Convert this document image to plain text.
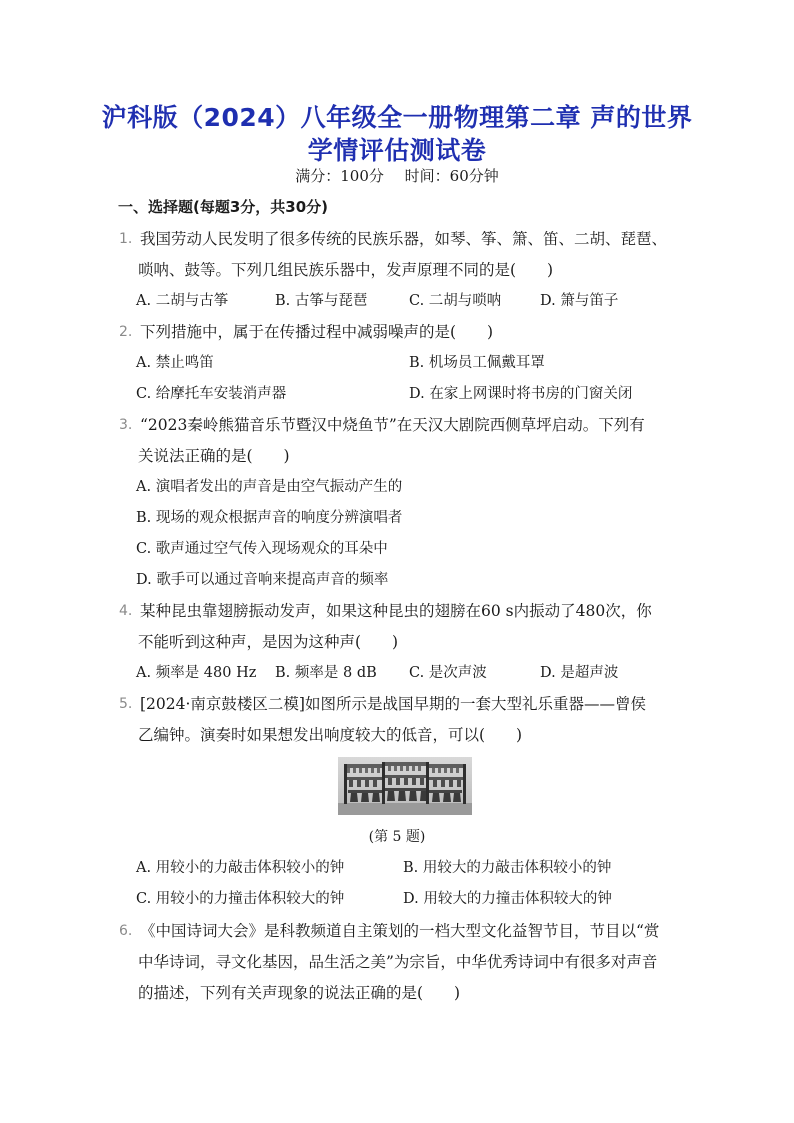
沪科版（2024）八年级全一册物理第二章 声的世界
学情评估测试卷
满分：100分 时间：60分钟
一、选择题(每题3分，共30分)
1. 我国劳动人民发明了很多传统的民族乐器，如琴、筝、箫、笛、二胡、琵琶、
唢呐、鼓等。下列几组民族乐器中，发声原理不同的是(　　)
A. 二胡与古筝	B. 古筝与琵琶	C. 二胡与唢呐	D. 箫与笛子
2. 下列措施中，属于在传播过程中减弱噪声的是(　　)
A. 禁止鸣笛	B. 机场员工佩戴耳罩
C. 给摩托车安装消声器	D. 在家上网课时将书房的门窗关闭
3. “2023秦岭熊猫音乐节暨汉中烧鱼节”在天汉大剧院西侧草坪启动。下列有
关说法正确的是(　　)
A. 演唱者发出的声音是由空气振动产生的
B. 现场的观众根据声音的响度分辨演唱者
C. 歌声通过空气传入现场观众的耳朵中
D. 歌手可以通过音响来提高声音的频率
4. 某种昆虫靠翅膀振动发声，如果这种昆虫的翅膀在60 s内振动了480次，你
不能听到这种声，是因为这种声(　　)
A. 频率是 480 Hz B. 频率是 8 dB C. 是次声波	D. 是超声波
5. [2024·南京鼓楼区二模]如图所示是战国早期的一套大型礼乐重器——曾侯
乙编钟。演奏时如果想发出响度较大的低音，可以(　　)
(第 5 题)
A. 用较小的力敲击体积较小的钟	B. 用较大的力敲击体积较小的钟
C. 用较小的力撞击体积较大的钟	D. 用较大的力撞击体积较大的钟
6. 《中国诗词大会》是科教频道自主策划的一档大型文化益智节目，节目以“赏
中华诗词，寻文化基因，品生活之美”为宗旨，中华优秀诗词中有很多对声音
的描述，下列有关声现象的说法正确的是(　　)
